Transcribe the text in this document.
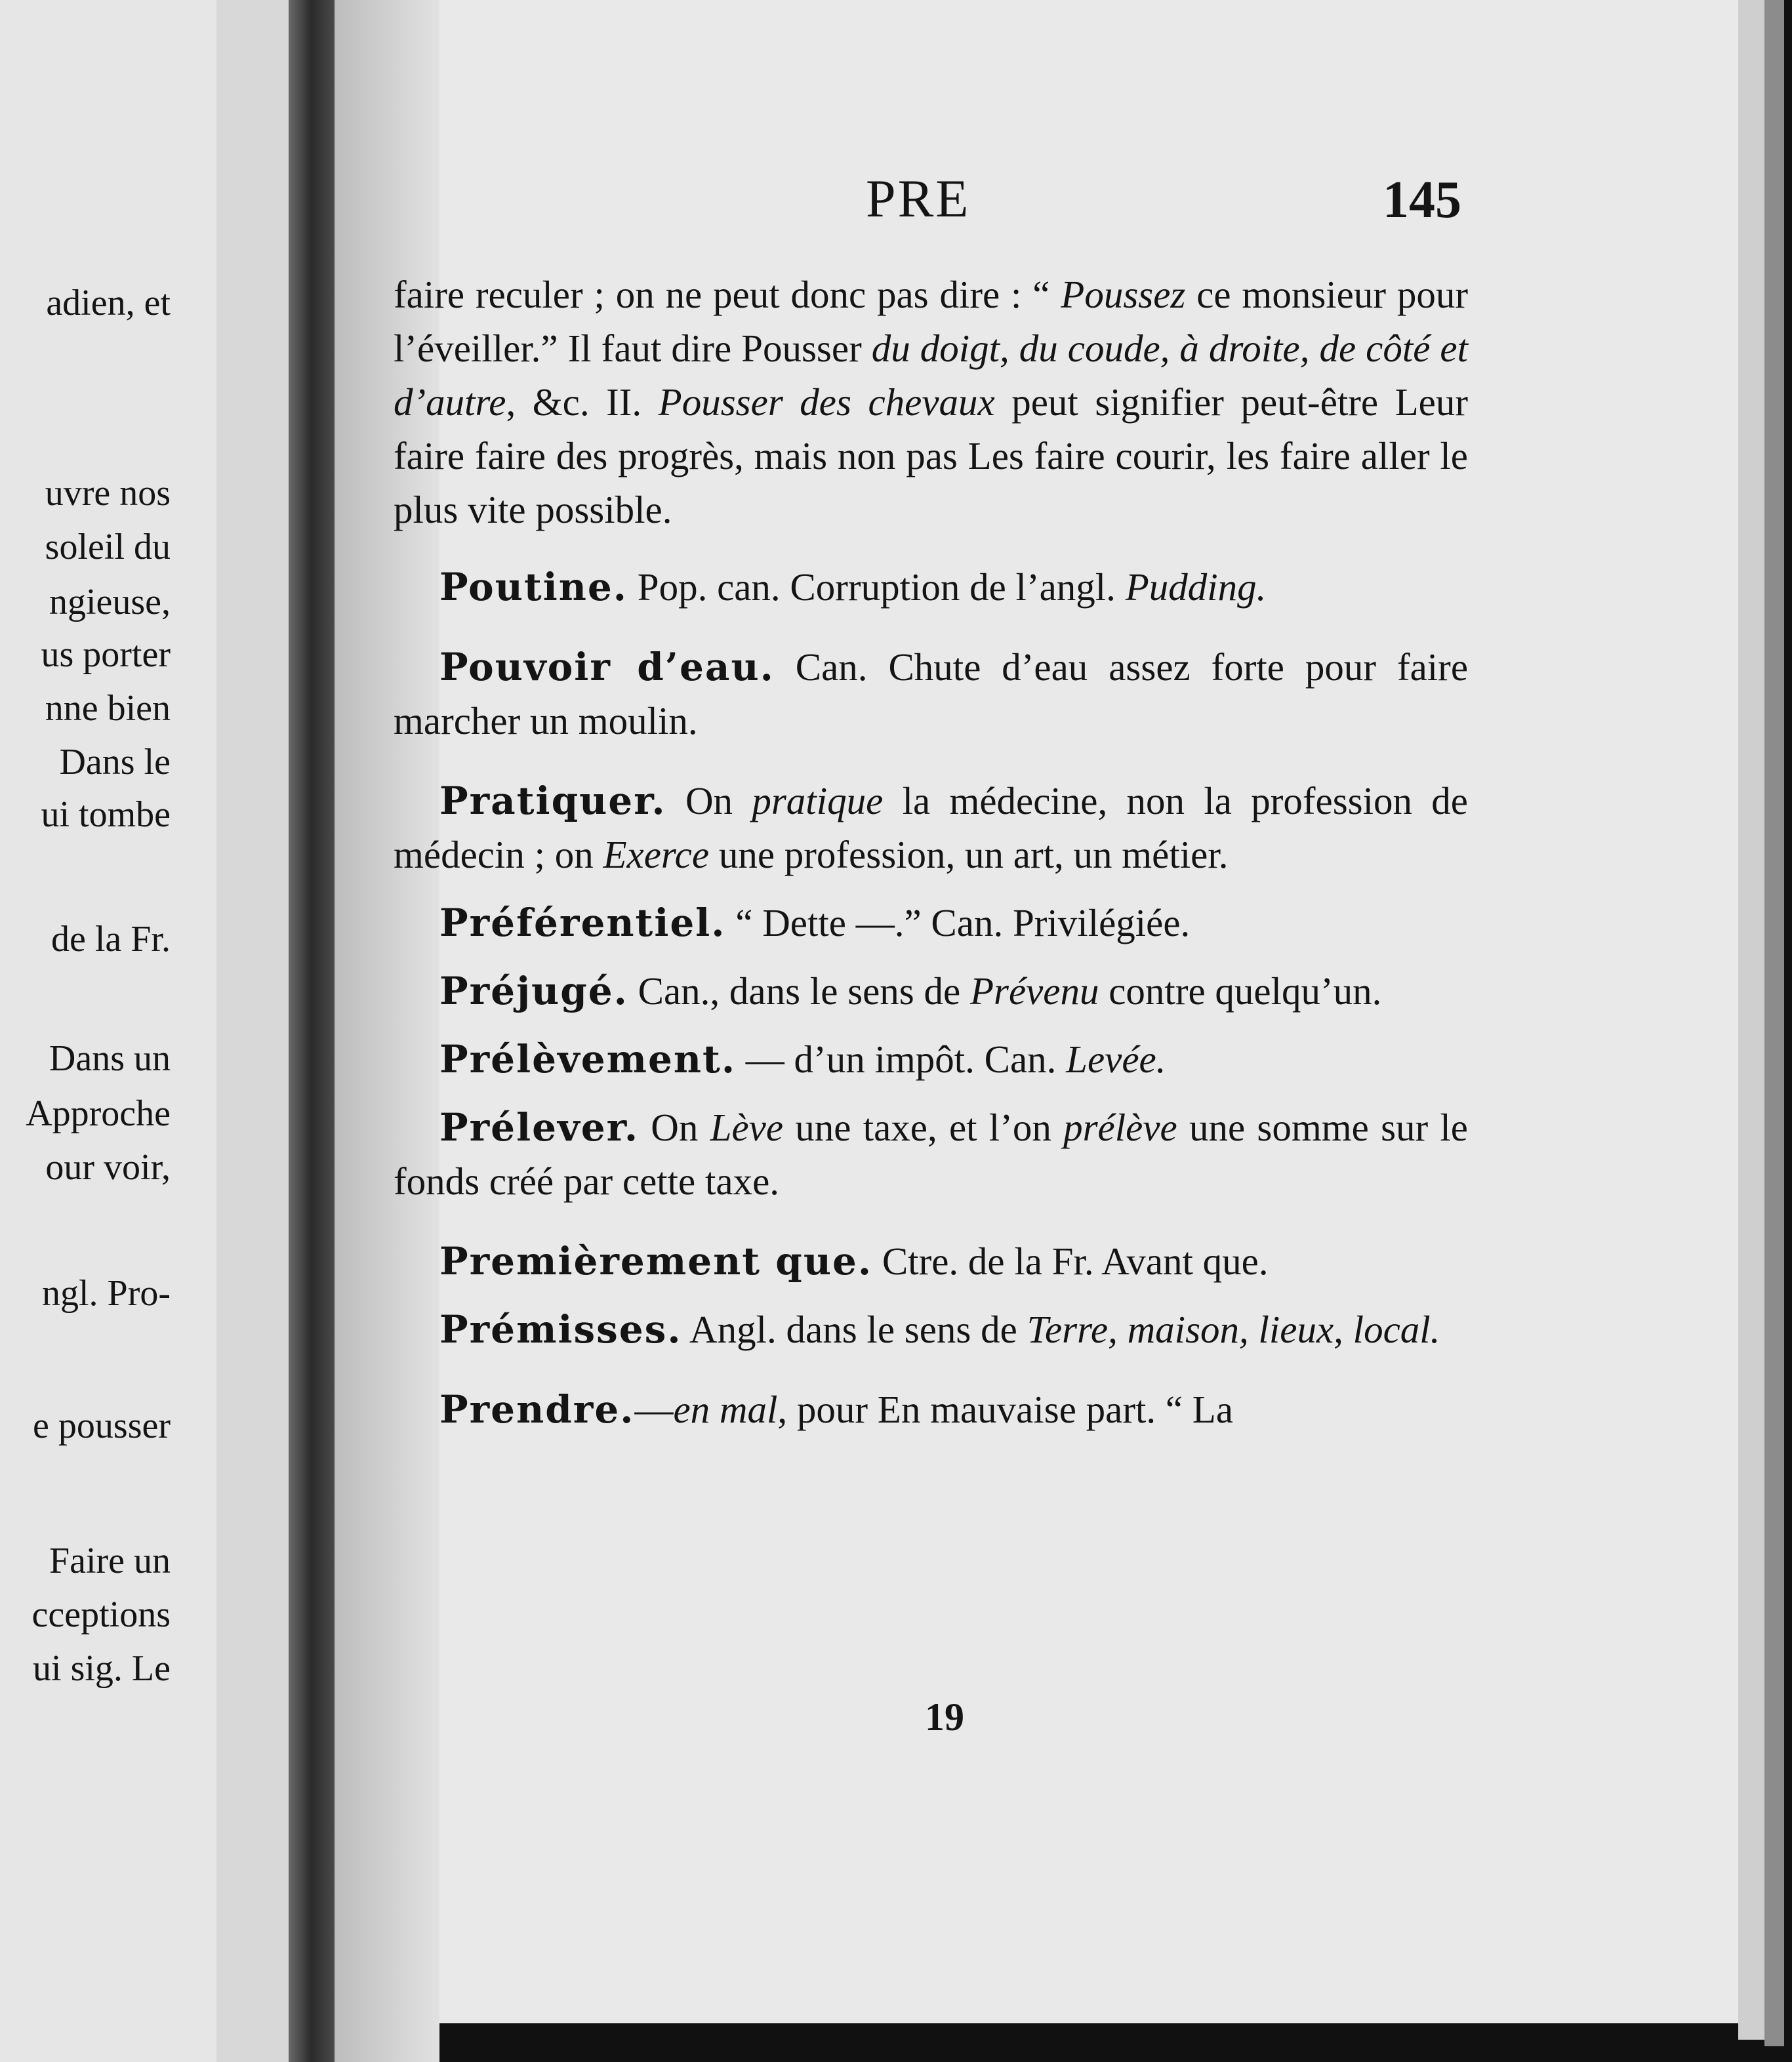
adien, et
uvre nos
soleil du
ngieuse,
us porter
nne bien
Dans le
ui tombe
de la Fr.
Dans un
Approche
our voir,
ngl. Pro-
e pousser
Faire un
cceptions
ui sig. Le
PRE	145

faire reculer ; on ne peut donc pas dire : “ Poussez ce monsieur pour l’éveiller.” Il faut dire Pousser du doigt, du coude, à droite, de côté et d’autre, &c. II. Pousser des chevaux peut signifier peut-être Leur faire faire des progrès, mais non pas Les faire courir, les faire aller le plus vite possible.

Poutine. Pop. can. Corruption de l’angl. Pudding.

Pouvoir d’eau. Can. Chute d’eau assez forte pour faire marcher un moulin.

Pratiquer. On pratique la médecine, non la profession de médecin ; on Exerce une profession, un art, un métier.

Préférentiel. “ Dette —.” Can. Privilégiée.

Préjugé. Can., dans le sens de Prévenu contre quelqu’un.

Prélèvement. — d’un impôt. Can. Levée.

Prélever. On Lève une taxe, et l’on prélève une somme sur le fonds créé par cette taxe.

Premièrement que. Ctre. de la Fr. Avant que.

Prémisses. Angl. dans le sens de Terre, maison, lieux, local.

Prendre.—en mal, pour En mauvaise part. “ La

19
